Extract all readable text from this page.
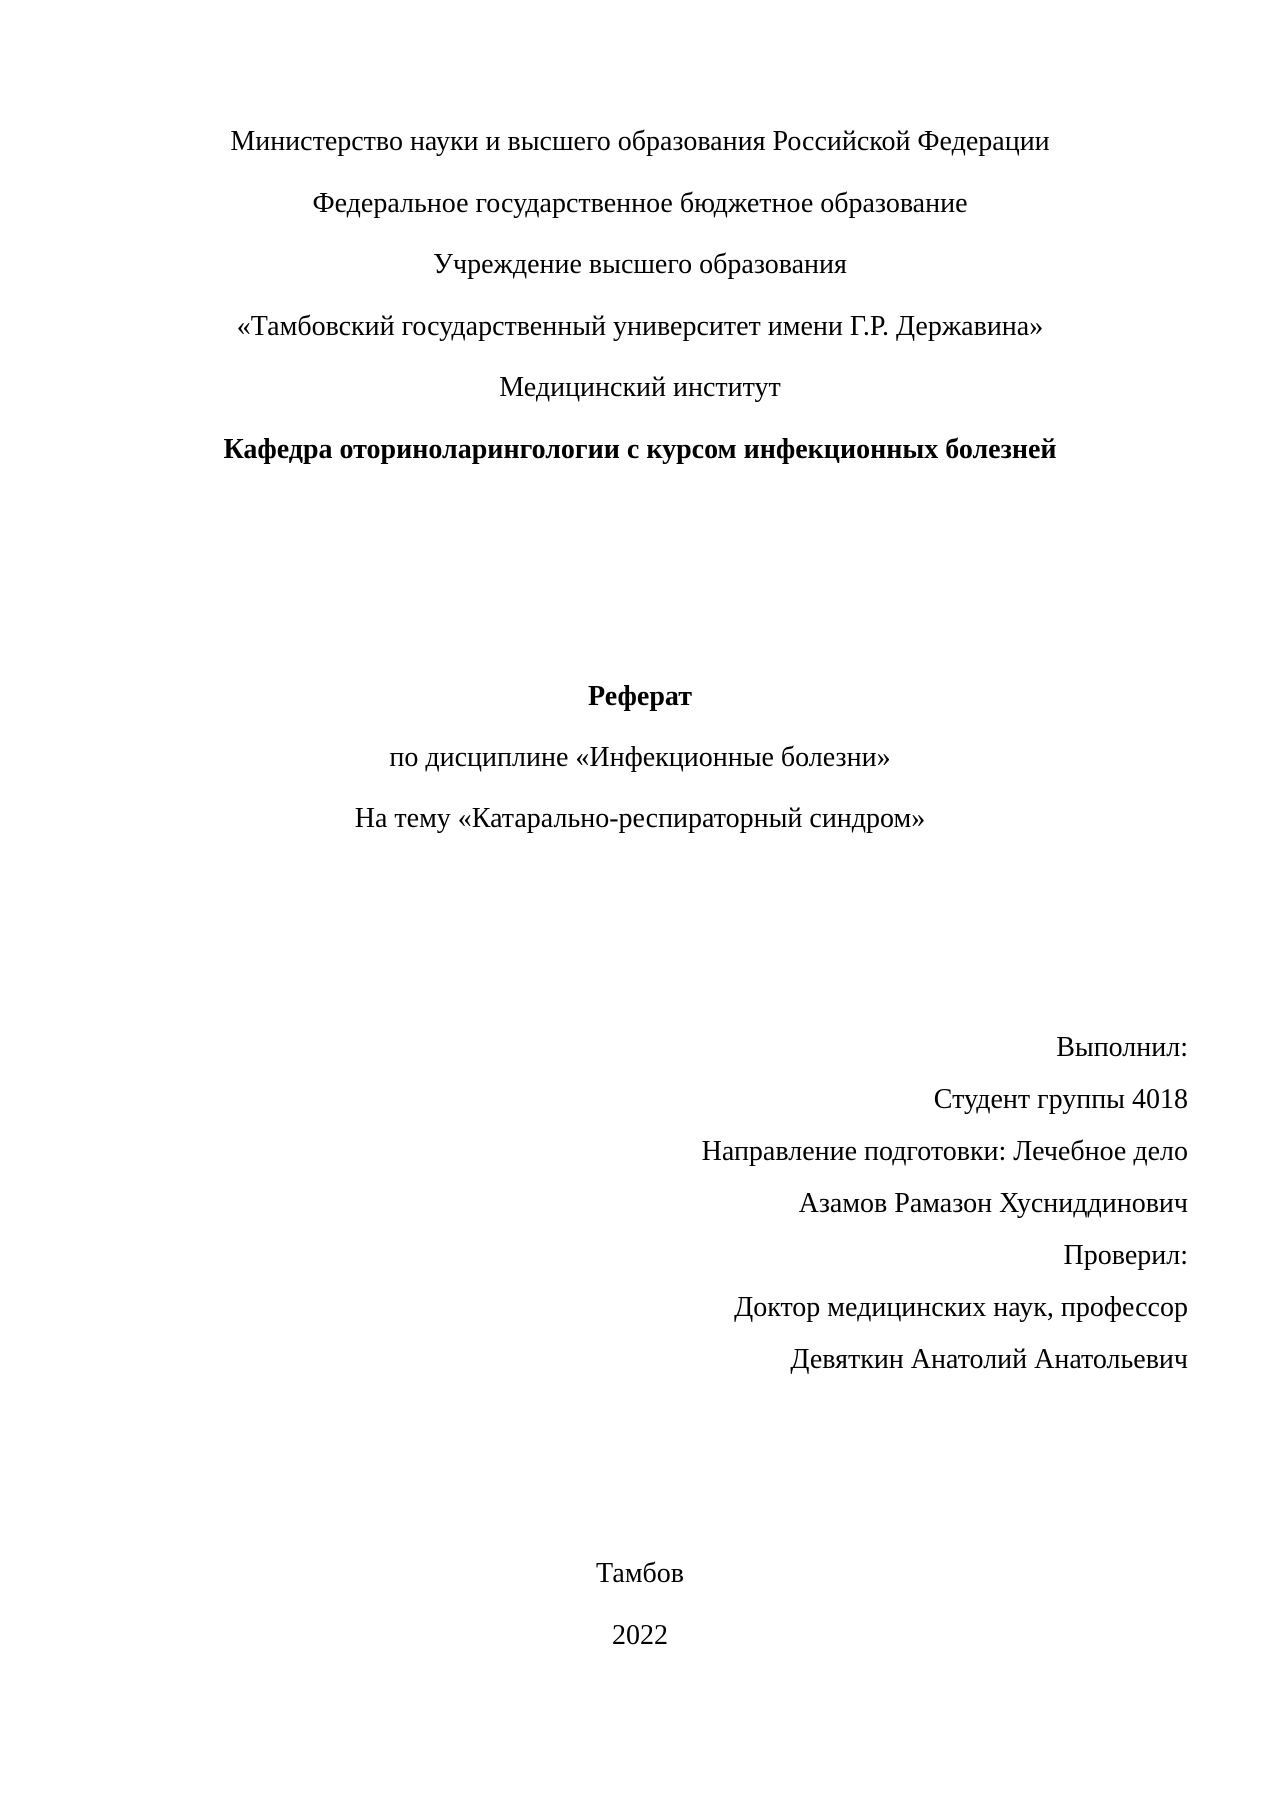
Министерство науки и высшего образования Российской Федерации

Федеральное государственное бюджетное образование

Учреждение высшего образования

«Тамбовский государственный университет имени Г.Р. Державина»

Медицинский институт

Кафедра оториноларингологии с курсом инфекционных болезней

Реферат

по дисциплине «Инфекционные болезни»

На тему «Катарально-респираторный синдром»

Выполнил:

Студент группы 4018

Направление подготовки: Лечебное дело

Азамов Рамазон Хусниддинович

Проверил:

Доктор медицинских наук, профессор

Девяткин Анатолий Анатольевич

Тамбов

2022
